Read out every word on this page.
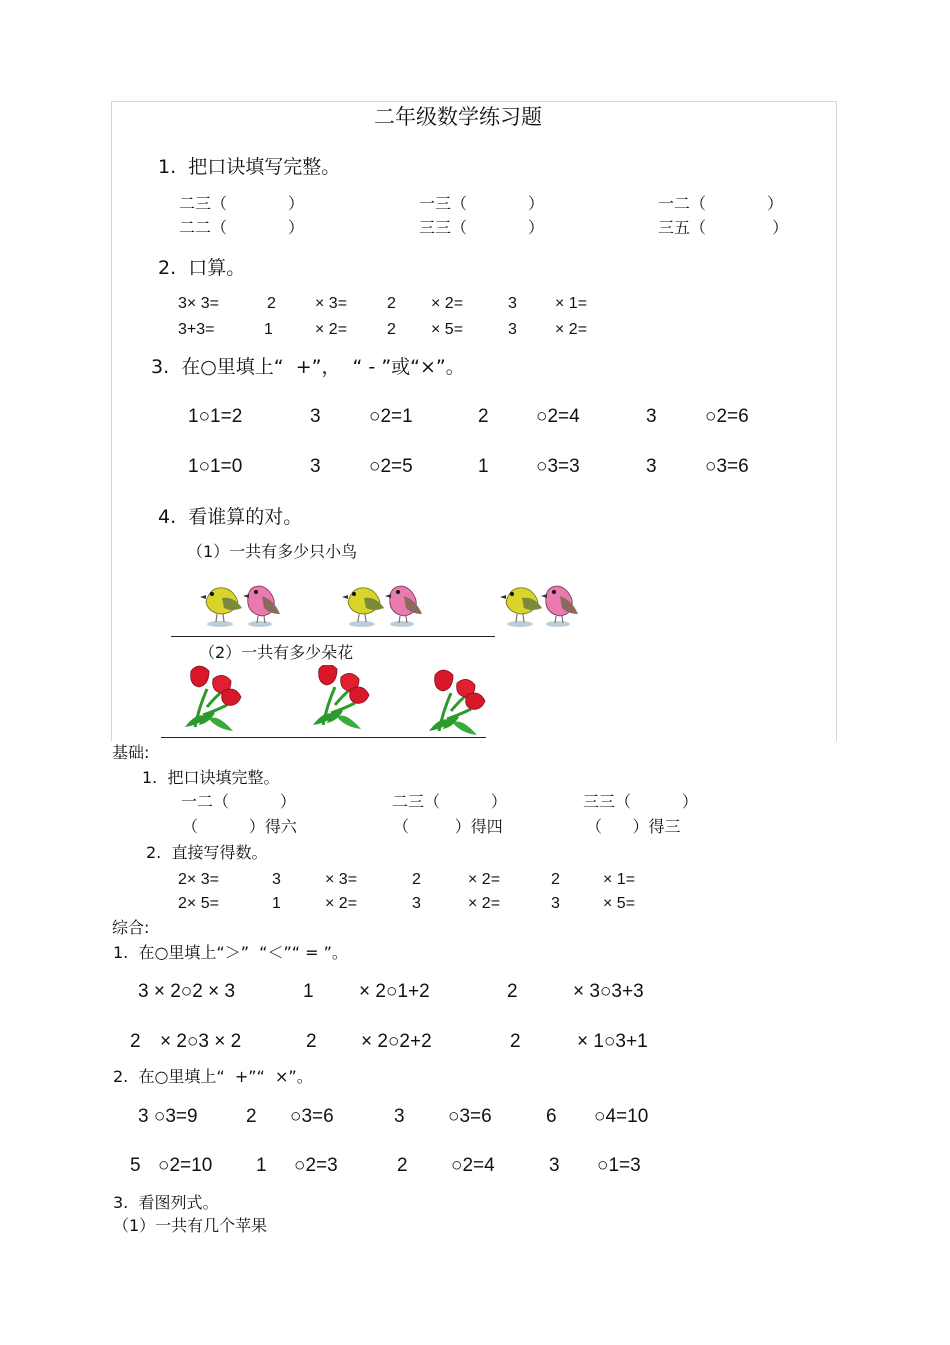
二年级数学练习题
1.  把口诀填写完整。
二三（            ）	一三（            ）	一二（            ）
二二（            ）	三三（            ）	三五（             ）
2.  口算。
3× 3=	2 × 3= 2 × 2=	3 × 1=
3+3=	1	× 2= 2 × 5=	3 × 2=
3.  在○里填上“  +”，  “ - ”或“×”。
1○1=2	3	○2=1	2 ○2=4	3	○2=6
1○1=0	3	○2=5	1 ○3=3	3	○3=6
4.  看谁算的对。
（1）一共有多少只小鸟
（2）一共有多少朵花
基础:
1.  把口诀填完整。
一二（          ）	二三（          ）	三三（          ）
（          ）得六	（         ）得四	（      ）得三
2.  直接写得数。
2× 3=	3	× 3=	2	× 2=	2	× 1=
2× 5=	1	× 2=	3	× 2=	3	× 5=
综合:
1.  在○里填上“＞”  “＜”“ = ”。
3 × 2○2 × 3	1 × 2○1+2	2	× 3○3+3
2 × 2○3 × 2	2 × 2○2+2	2	× 1○3+1
2.  在○里填上“  +”“  ×”。
3 ○3=9	2 ○3=6	3 ○3=6	6 ○4=10
5 ○2=10 1 ○2=3	2 ○2=4	3 ○1=3
3.  看图列式。
（1）一共有几个苹果
